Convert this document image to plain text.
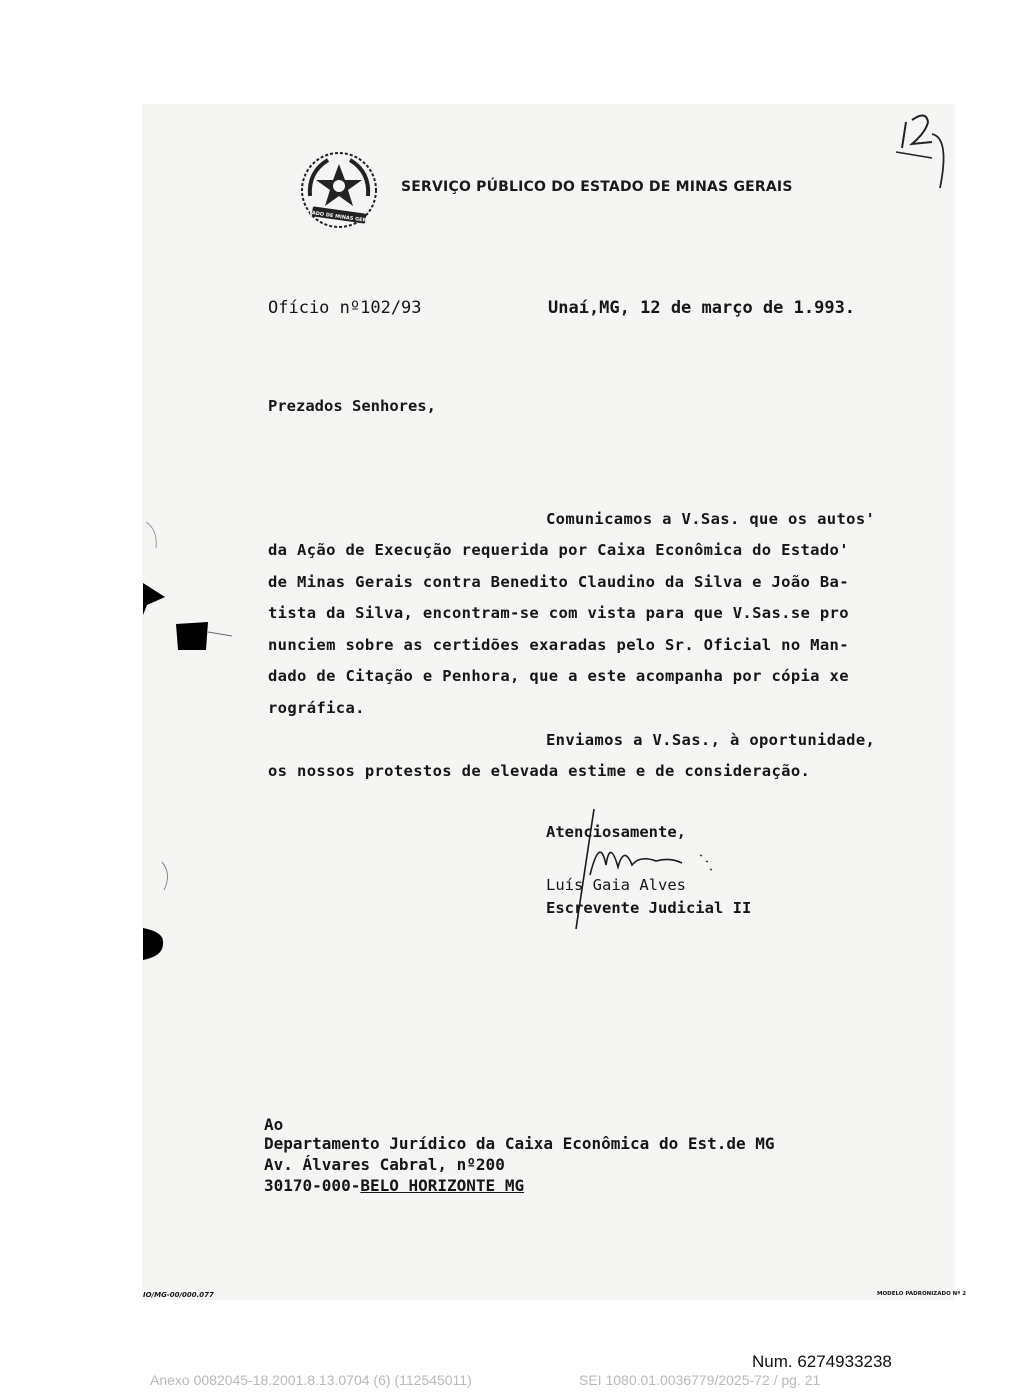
ESTADO DE MINAS GERAIS
SERVIÇO PÚBLICO DO ESTADO DE MINAS GERAIS
Ofício nº102/93	Unaí,MG, 12 de março de 1.993.
Prezados Senhores,
Comunicamos a V.Sas. que os autos'
da Ação de Execução requerida por Caixa Econômica do Estado'
de Minas Gerais contra Benedito Claudino da Silva e João Ba-
tista da Silva, encontram-se com vista para que V.Sas.se pro
nunciem sobre as certidões exaradas pelo Sr. Oficial no Man-
dado de Citação e Penhora, que a este acompanha por cópia xe
rográfica.
Enviamos a V.Sas., à oportunidade,
os nossos protestos de elevada estime e de consideração.
Atenciosamente,
Luís Gaia Alves
Escrevente Judicial II
Ao
Departamento Jurídico da Caixa Econômica do Est.de MG
Av. Álvares Cabral, nº200
30170-000-BELO HORIZONTE MG
IO/MG-00/000.077	MODELO PADRONIZADO Nº 2
Num. 6274933238
Anexo 0082045-18.2001.8.13.0704 (6) (112545011)	SEI 1080.01.0036779/2025-72 / pg. 21
